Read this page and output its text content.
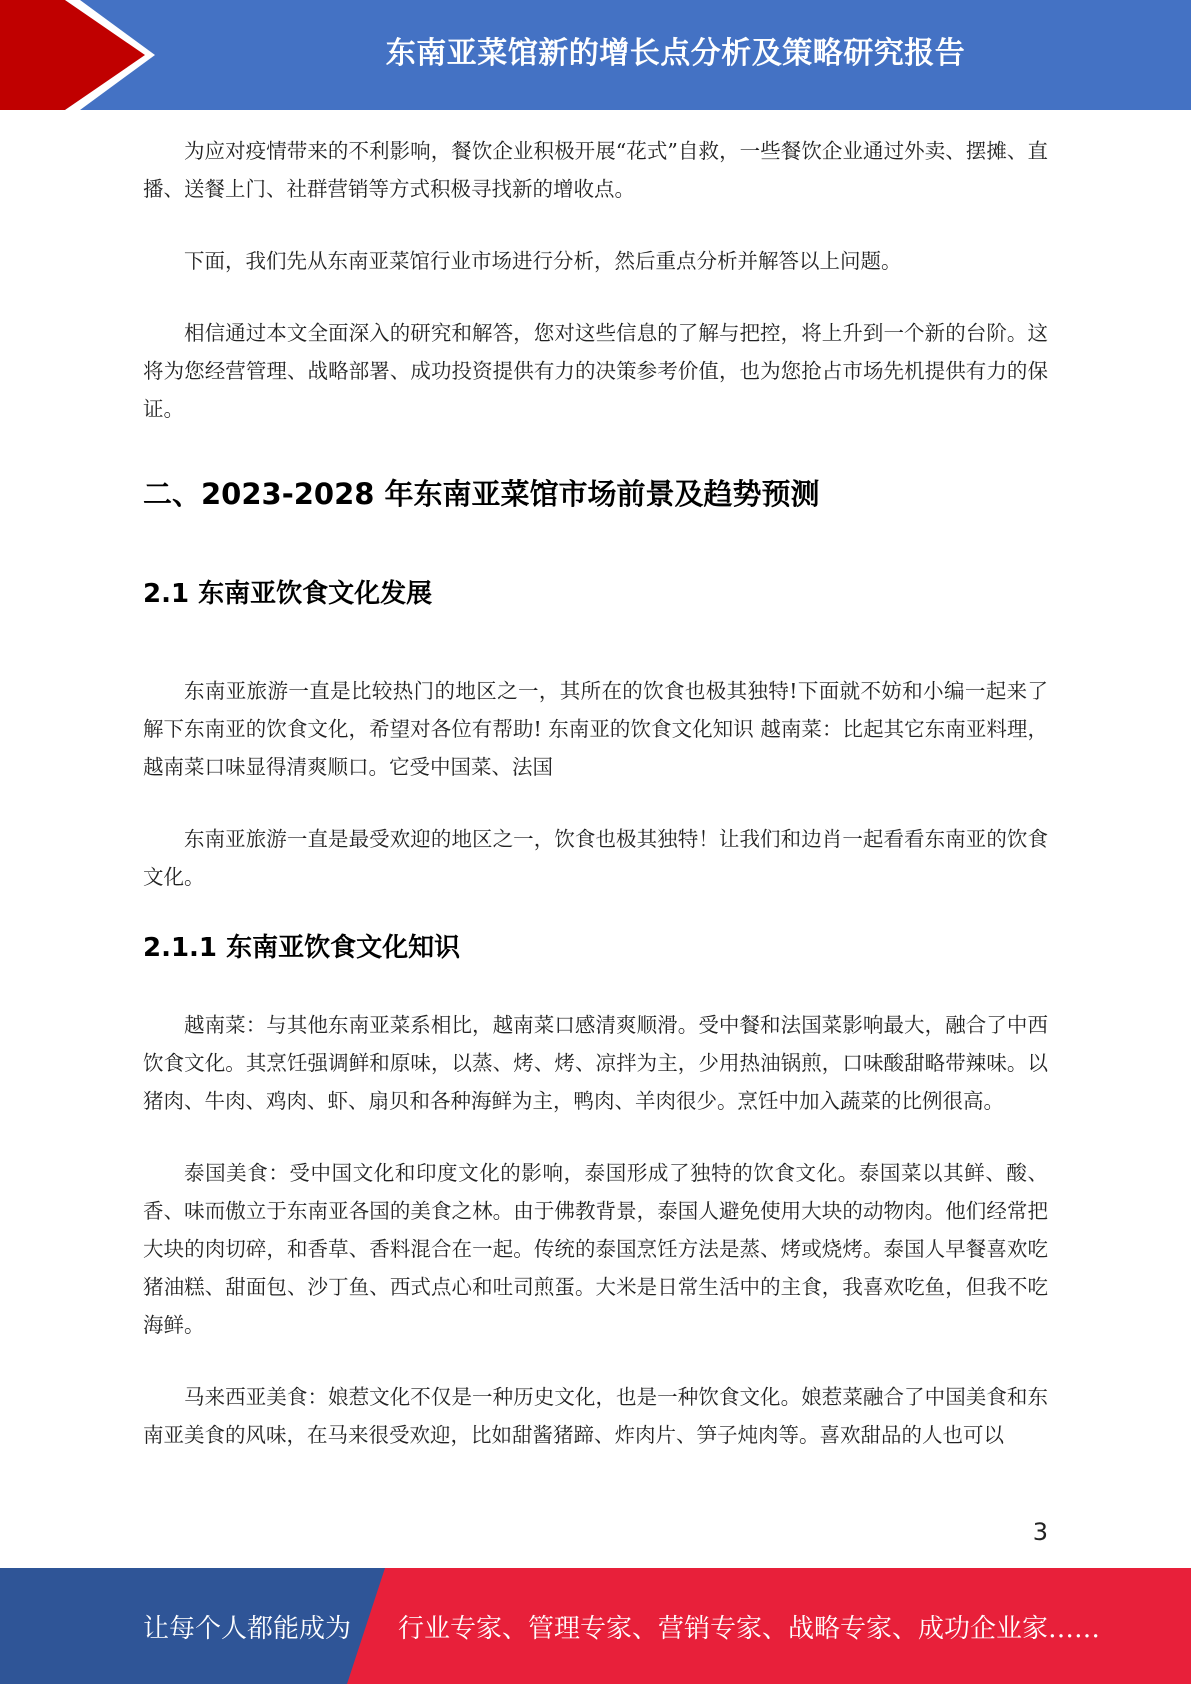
东南亚菜馆新的增长点分析及策略研究报告

为应对疫情带来的不利影响，餐饮企业积极开展“花式”自救，一些餐饮企业通过外卖、摆摊、直播、送餐上门、社群营销等方式积极寻找新的增收点。

下面，我们先从东南亚菜馆行业市场进行分析，然后重点分析并解答以上问题。

相信通过本文全面深入的研究和解答，您对这些信息的了解与把控，将上升到一个新的台阶。这将为您经营管理、战略部署、成功投资提供有力的决策参考价值，也为您抢占市场先机提供有力的保证。

二、2023-2028 年东南亚菜馆市场前景及趋势预测
2.1 东南亚饮食文化发展

东南亚旅游一直是比较热门的地区之一，其所在的饮食也极其独特!下面就不妨和小编一起来了解下东南亚的饮食文化，希望对各位有帮助! 东南亚的饮食文化知识 越南菜：比起其它东南亚料理，越南菜口味显得清爽顺口。它受中国菜、法国

东南亚旅游一直是最受欢迎的地区之一，饮食也极其独特！让我们和边肖一起看看东南亚的饮食文化。

2.1.1 东南亚饮食文化知识

越南菜：与其他东南亚菜系相比，越南菜口感清爽顺滑。受中餐和法国菜影响最大，融合了中西饮食文化。其烹饪强调鲜和原味，以蒸、烤、烤、凉拌为主，少用热油锅煎，口味酸甜略带辣味。以猪肉、牛肉、鸡肉、虾、扇贝和各种海鲜为主，鸭肉、羊肉很少。烹饪中加入蔬菜的比例很高。

泰国美食：受中国文化和印度文化的影响，泰国形成了独特的饮食文化。泰国菜以其鲜、酸、香、味而傲立于东南亚各国的美食之林。由于佛教背景，泰国人避免使用大块的动物肉。他们经常把大块的肉切碎，和香草、香料混合在一起。传统的泰国烹饪方法是蒸、烤或烧烤。泰国人早餐喜欢吃猪油糕、甜面包、沙丁鱼、西式点心和吐司煎蛋。大米是日常生活中的主食，我喜欢吃鱼，但我不吃海鲜。

马来西亚美食：娘惹文化不仅是一种历史文化，也是一种饮食文化。娘惹菜融合了中国美食和东南亚美食的风味，在马来很受欢迎，比如甜酱猪蹄、炸肉片、笋子炖肉等。喜欢甜品的人也可以

3
让每个人都能成为 行业专家、管理专家、营销专家、战略专家、成功企业家……
